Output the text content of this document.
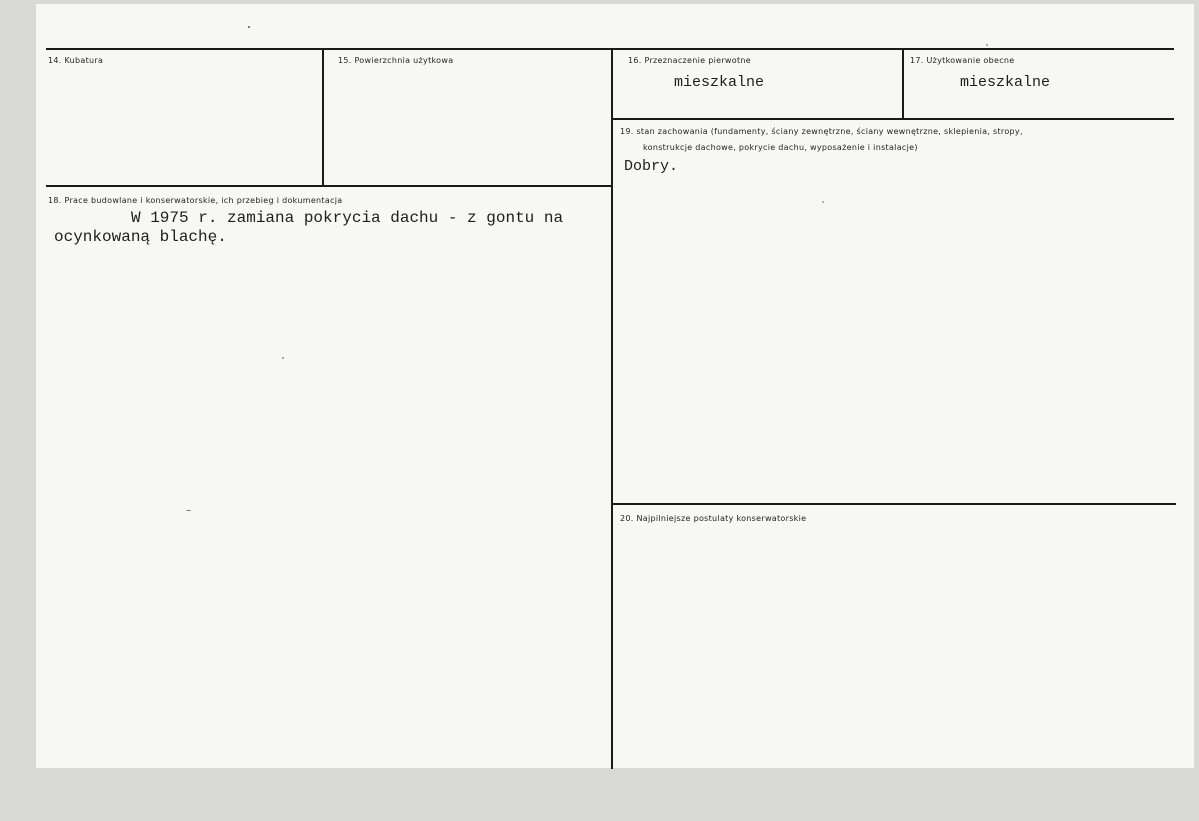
14. Kubatura	15. Powierzchnia użytkowa	16. Przeznaczenie pierwotne
mieszkalne
17. Użytkowanie obecne
mieszkalne
18. Prace budowlane i konserwatorskie, ich przebieg i dokumentacja
W 1975 r. zamiana pokrycia dachu - z gontu na
ocynkowaną blachę.
19. stan zachowania (fundamenty, ściany zewnętrzne, ściany wewnętrzne, sklepienia, stropy,
konstrukcje dachowe, pokrycie dachu, wyposażenie i instalacje)
Dobry.
20. Najpilniejsze postulaty konserwatorskie
